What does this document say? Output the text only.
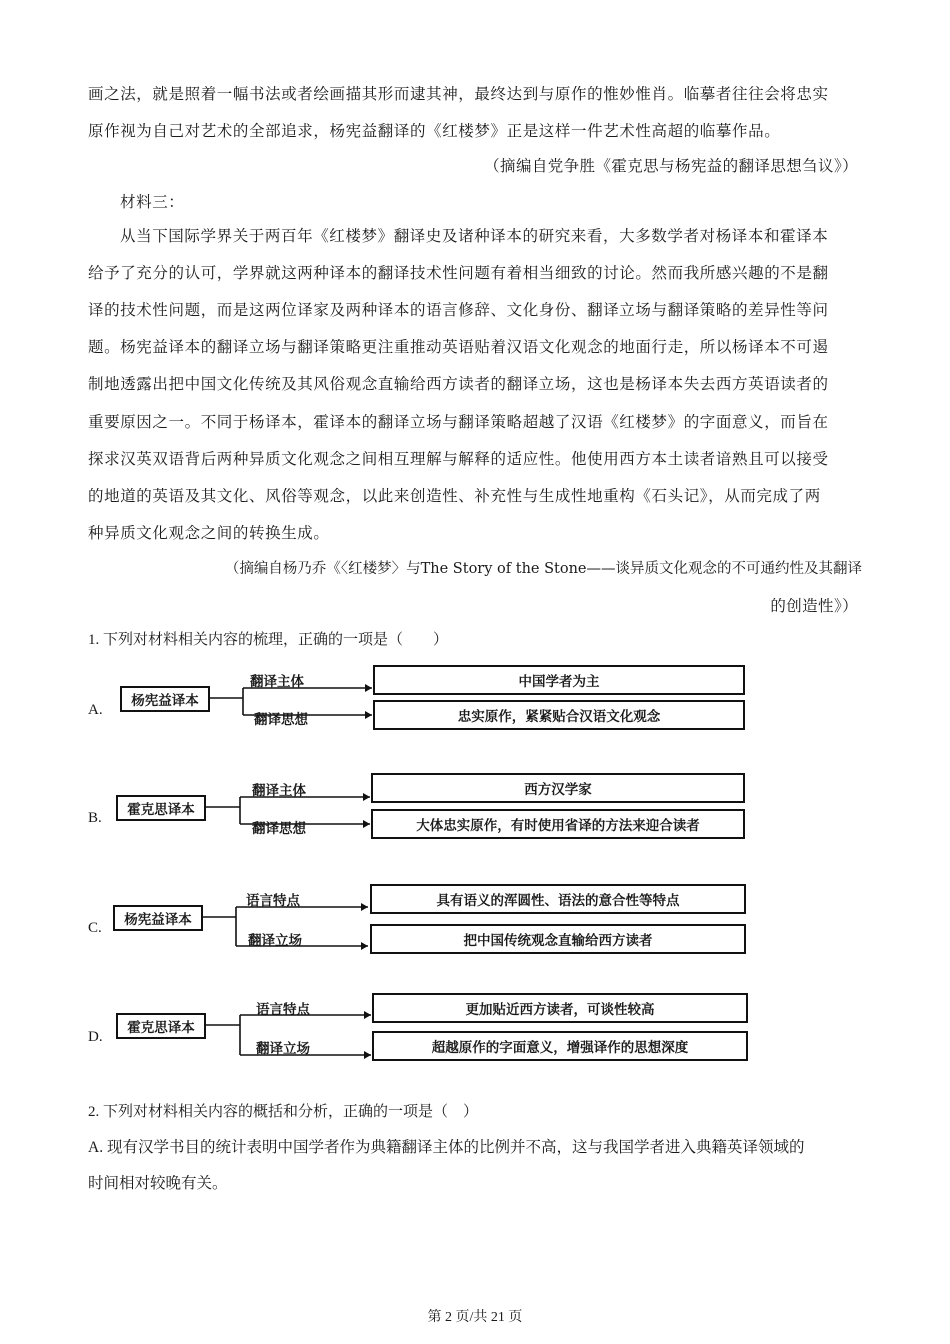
画之法，就是照着一幅书法或者绘画描其形而逮其神，最终达到与原作的惟妙惟肖。临摹者往往会将忠实
原作视为自己对艺术的全部追求，杨宪益翻译的《红楼梦》正是这样一件艺术性高超的临摹作品。
（摘编自党争胜《霍克思与杨宪益的翻译思想刍议》）
材料三：
从当下国际学界关于两百年《红楼梦》翻译史及诸种译本的研究来看，大多数学者对杨译本和霍译本
给予了充分的认可，学界就这两种译本的翻译技术性问题有着相当细致的讨论。然而我所感兴趣的不是翻
译的技术性问题，而是这两位译家及两种译本的语言修辞、文化身份、翻译立场与翻译策略的差异性等问
题。杨宪益译本的翻译立场与翻译策略更注重推动英语贴着汉语文化观念的地面行走，所以杨译本不可遏
制地透露出把中国文化传统及其风俗观念直输给西方读者的翻译立场，这也是杨译本失去西方英语读者的
重要原因之一。不同于杨译本，霍译本的翻译立场与翻译策略超越了汉语《红楼梦》的字面意义，而旨在
探求汉英双语背后两种异质文化观念之间相互理解与解释的适应性。他使用西方本土读者谙熟且可以接受
的地道的英语及其文化、风俗等观念，以此来创造性、补充性与生成性地重构《石头记》，从而完成了两
种异质文化观念之间的转换生成。
（摘编自杨乃乔《〈红楼梦〉与The Story of the Stone——谈异质文化观念的不可通约性及其翻译
的创造性》）
1. 下列对材料相关内容的梳理，正确的一项是（　　）
A.
杨宪益译本
翻译主体
翻译思想
中国学者为主
忠实原作，紧紧贴合汉语文化观念
B.	霍克思译本
翻译主体
翻译思想
西方汉学家
大体忠实原作，有时使用省译的方法来迎合读者
C.	杨宪益译本
语言特点
翻译立场
具有语义的浑圆性、语法的意合性等特点
把中国传统观念直输给西方读者
D.
霍克思译本
语言特点
翻译立场
更加贴近西方读者，可谈性较高
超越原作的字面意义，增强译作的思想深度
2. 下列对材料相关内容的概括和分析，正确的一项是（　）
A. 现有汉学书目的统计表明中国学者作为典籍翻译主体的比例并不高，这与我国学者进入典籍英译领域的
时间相对较晚有关。
第 2 页/共 21 页
